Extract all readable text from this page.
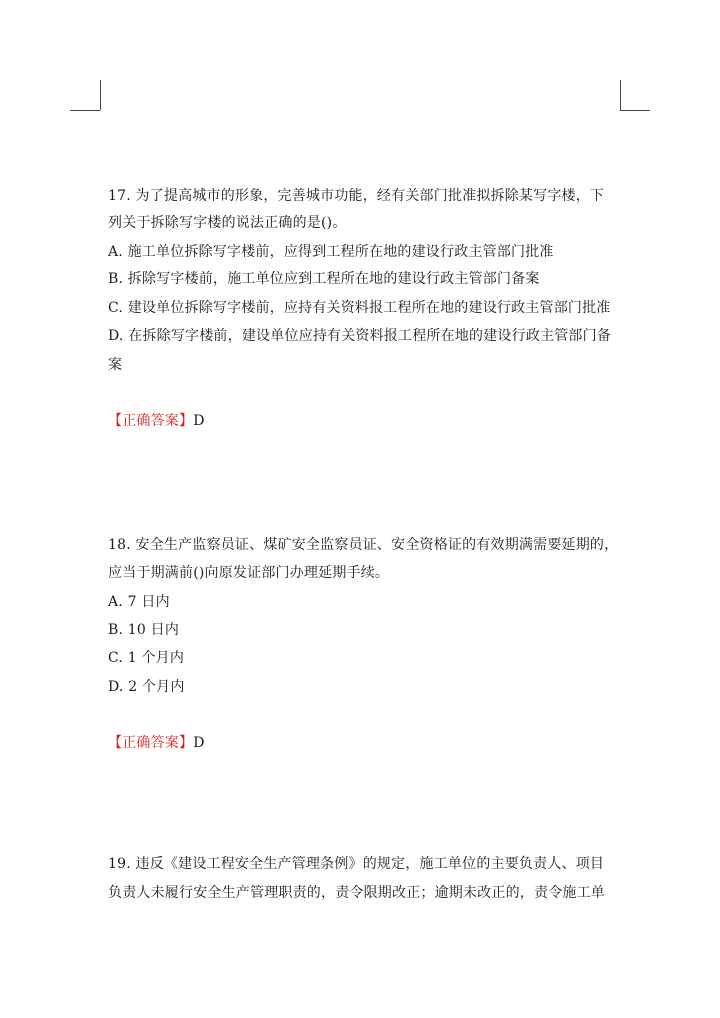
17. 为了提高城市的形象，完善城市功能，经有关部门批准拟拆除某写字楼，下
列关于拆除写字楼的说法正确的是()。
A. 施工单位拆除写字楼前，应得到工程所在地的建设行政主管部门批准
B. 拆除写字楼前，施工单位应到工程所在地的建设行政主管部门备案
C. 建设单位拆除写字楼前，应持有关资料报工程所在地的建设行政主管部门批准
D. 在拆除写字楼前，建设单位应持有关资料报工程所在地的建设行政主管部门备
案
【正确答案】D
18. 安全生产监察员证、煤矿安全监察员证、安全资格证的有效期满需要延期的，
应当于期满前()向原发证部门办理延期手续。
A. 7 日内
B. 10 日内
C. 1 个月内
D. 2 个月内
【正确答案】D
19. 违反《建设工程安全生产管理条例》的规定，施工单位的主要负责人、项目
负责人未履行安全生产管理职责的，责令限期改正；逾期未改正的，责令施工单
